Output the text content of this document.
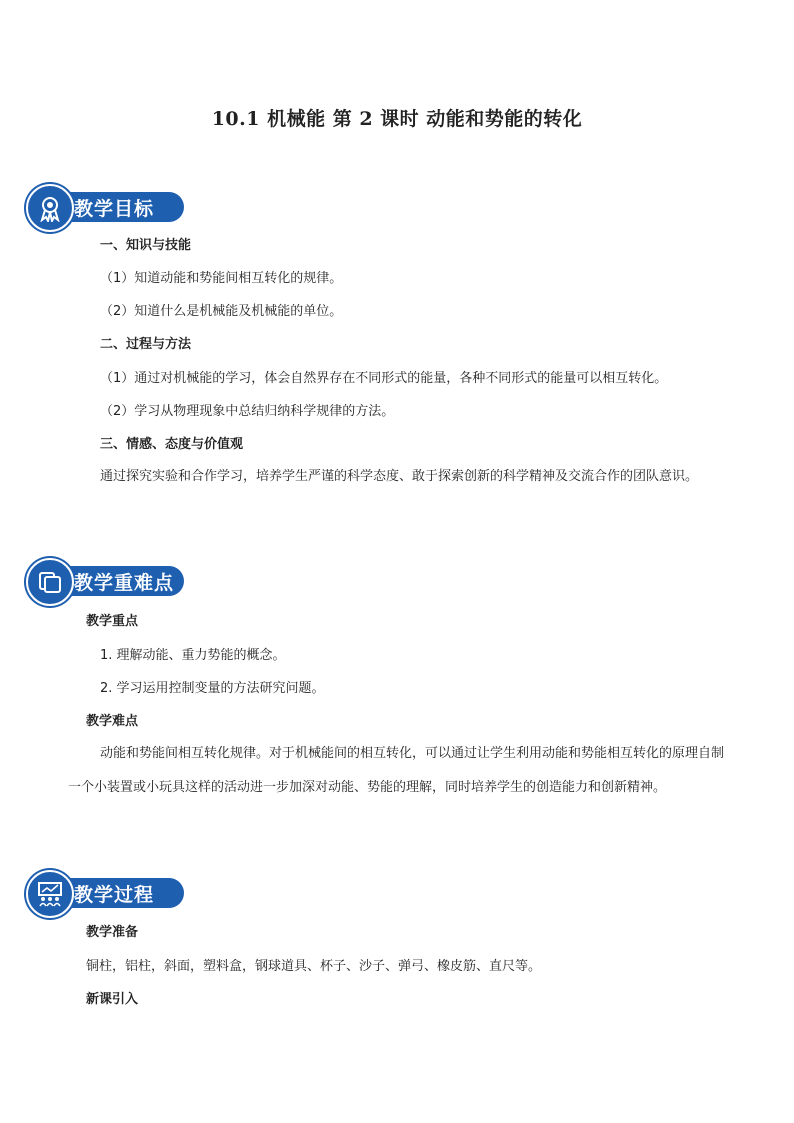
10.1 机械能 第 2 课时 动能和势能的转化
教学目标
一、知识与技能
（1）知道动能和势能间相互转化的规律。
（2）知道什么是机械能及机械能的单位。
二、过程与方法
（1）通过对机械能的学习，体会自然界存在不同形式的能量，各种不同形式的能量可以相互转化。
（2）学习从物理现象中总结归纳科学规律的方法。
三、情感、态度与价值观
通过探究实验和合作学习，培养学生严谨的科学态度、敢于探索创新的科学精神及交流合作的团队意识。
教学重难点
教学重点
1. 理解动能、重力势能的概念。
2. 学习运用控制变量的方法研究问题。
教学难点
动能和势能间相互转化规律。对于机械能间的相互转化，可以通过让学生利用动能和势能相互转化的原理自制一个小装置或小玩具这样的活动进一步加深对动能、势能的理解，同时培养学生的创造能力和创新精神。
教学过程
教学准备
铜柱，铝柱，斜面，塑料盒，钢球道具、杯子、沙子、弹弓、橡皮筋、直尺等。
新课引入
